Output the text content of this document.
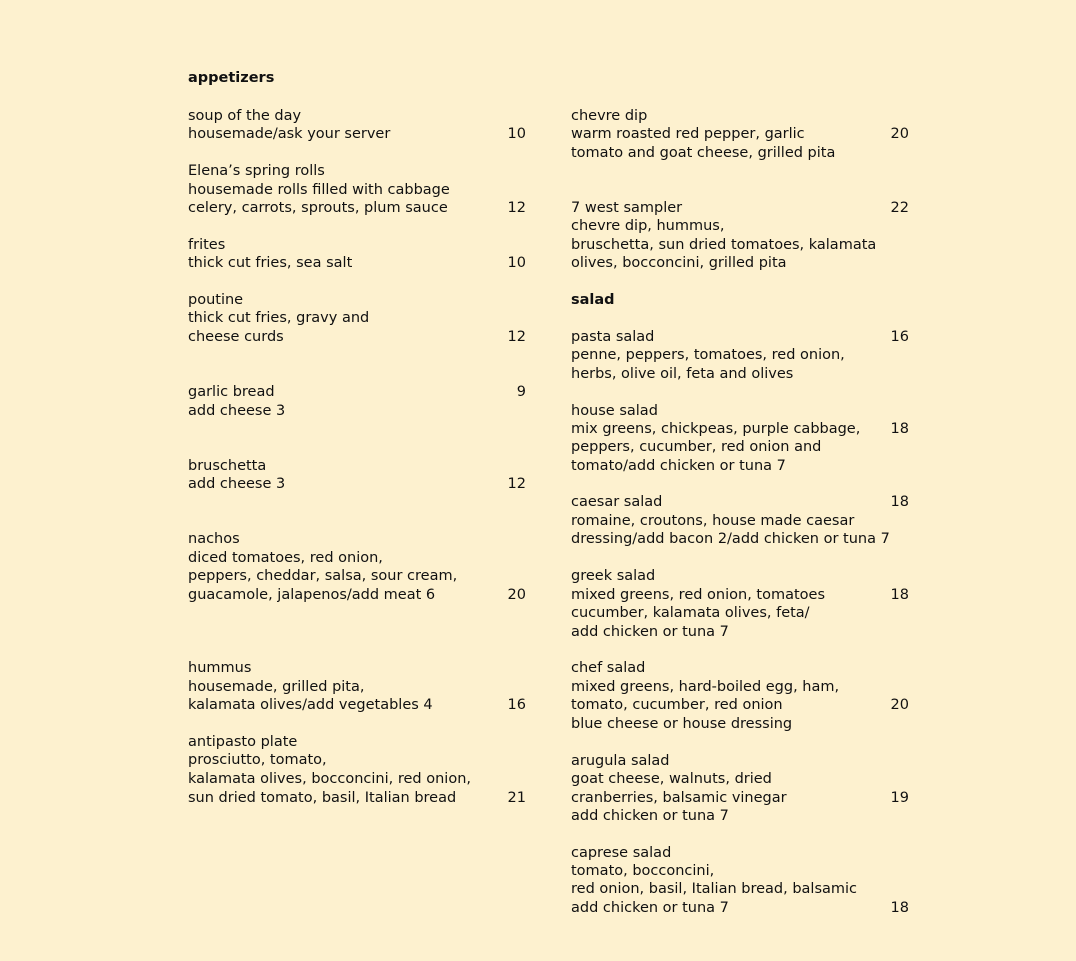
appetizers
soup of the day
housemade/ask your server	10
Elena’s spring rolls
housemade rolls filled with cabbage
celery, carrots, sprouts, plum sauce	12
frites
thick cut fries, sea salt	10
poutine
thick cut fries, gravy and
cheese curds	12
garlic bread	9
add cheese 3
bruschetta
add cheese 3	12
nachos
diced tomatoes, red onion,
peppers, cheddar, salsa, sour cream,
guacamole, jalapenos/add meat 6	20
hummus
housemade, grilled pita,
kalamata olives/add vegetables 4	16
antipasto plate
prosciutto, tomato,
kalamata olives, bocconcini, red onion,
sun dried tomato, basil, Italian bread	21
chevre dip
warm roasted red pepper, garlic	20
tomato and goat cheese, grilled pita
7 west sampler	22
chevre dip, hummus,
bruschetta, sun dried tomatoes, kalamata
olives, bocconcini, grilled pita
salad
pasta salad	16
penne, peppers, tomatoes, red onion,
herbs, olive oil, feta and olives
house salad
mix greens, chickpeas, purple cabbage,	18
peppers, cucumber, red onion and
tomato/add chicken or tuna 7
caesar salad	18
romaine, croutons, house made caesar
dressing/add bacon 2/add chicken or tuna 7
greek salad
mixed greens, red onion, tomatoes	18
cucumber, kalamata olives, feta/
add chicken or tuna 7
chef salad
mixed greens, hard-boiled egg, ham,
tomato, cucumber, red onion	20
blue cheese or house dressing
arugula salad
goat cheese, walnuts, dried
cranberries, balsamic vinegar	19
add chicken or tuna 7
caprese salad
tomato, bocconcini,
red onion, basil, Italian bread, balsamic
add chicken or tuna 7	18
